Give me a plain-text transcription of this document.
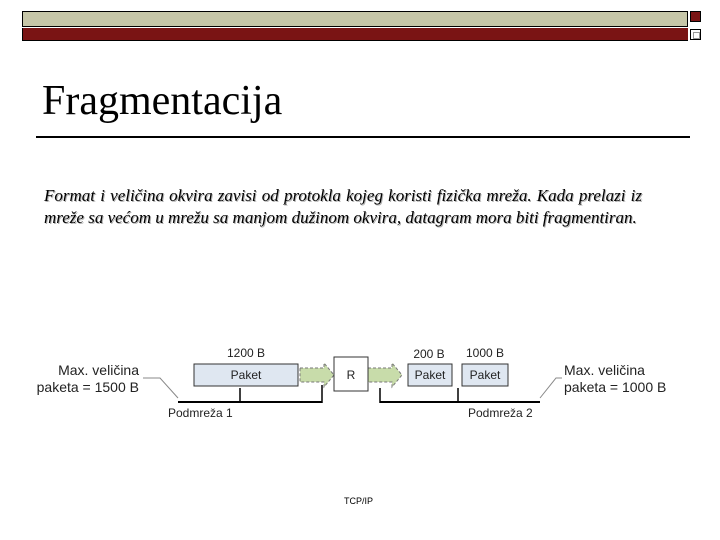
Fragmentacija

Format i veličina okvira zavisi od protokla kojeg koristi fizička mreža. Kada prelazi iz mreže sa većom u mrežu sa manjom dužinom okvira, datagram mora biti fragmentiran.

Max. veličina
paketa = 1500 B
1200 B
Paket	R
200 B
Paket
1000 B
Paket
Podmreža 1	Podmreža 2
Max. veličina
paketa = 1000 B
TCP/IP
